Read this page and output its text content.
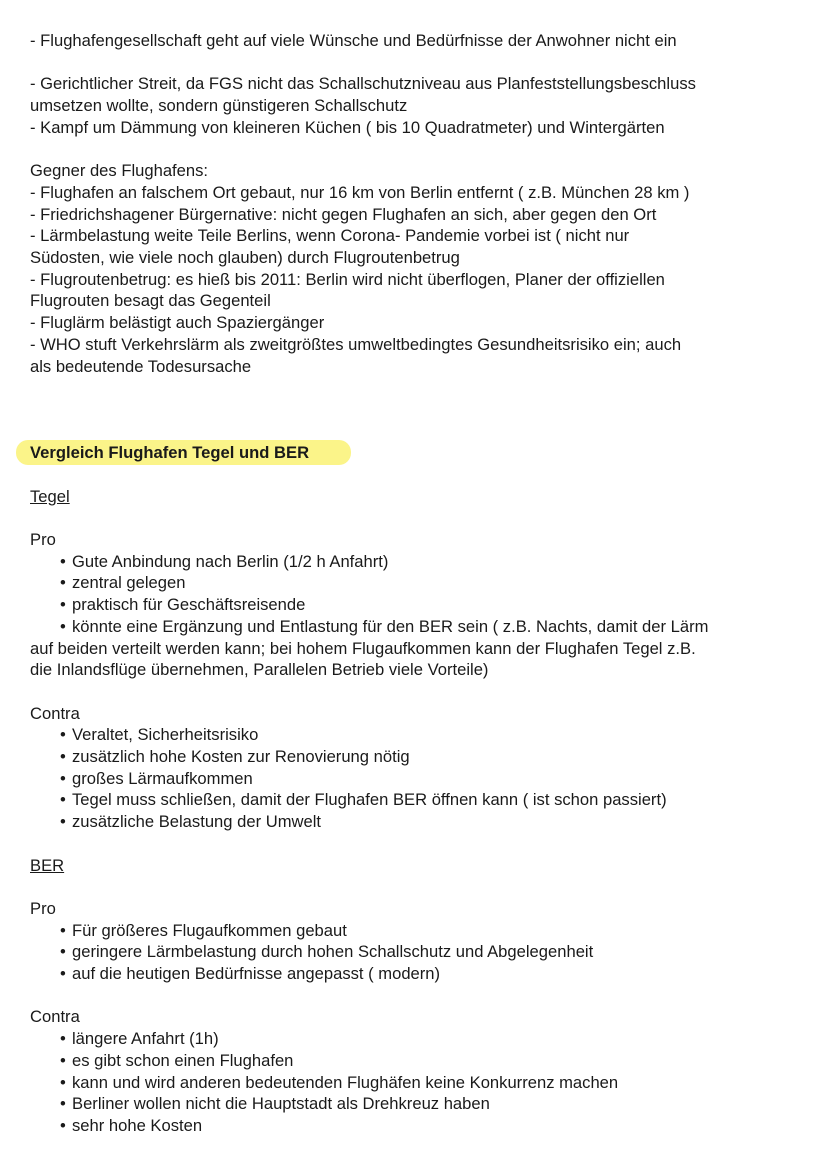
- Flughafengesellschaft geht auf viele Wünsche und Bedürfnisse der Anwohner nicht ein
- Gerichtlicher Streit, da FGS nicht das Schallschutzniveau aus Planfeststellungsbeschluss
umsetzen wollte, sondern günstigeren Schallschutz
- Kampf um Dämmung von kleineren Küchen ( bis 10 Quadratmeter) und Wintergärten
Gegner des Flughafens:
- Flughafen an falschem Ort gebaut, nur 16 km von Berlin entfernt ( z.B. München 28 km )
- Friedrichshagener Bürgernative: nicht gegen Flughafen an sich, aber gegen den Ort
- Lärmbelastung weite Teile Berlins, wenn Corona- Pandemie vorbei ist ( nicht nur
Südosten, wie viele noch glauben) durch Flugroutenbetrug
- Flugroutenbetrug: es hieß bis 2011: Berlin wird nicht überflogen, Planer der offiziellen
Flugrouten besagt das Gegenteil
- Fluglärm belästigt auch Spaziergänger
- WHO stuft Verkehrslärm als zweitgrößtes umweltbedingtes Gesundheitsrisiko ein; auch
als bedeutende Todesursache
Vergleich Flughafen Tegel und BER
Tegel
Pro
• Gute Anbindung nach Berlin (1/2 h Anfahrt)
• zentral gelegen
• praktisch für Geschäftsreisende
• könnte eine Ergänzung und Entlastung für den BER sein ( z.B. Nachts, damit der Lärm
auf beiden verteilt werden kann; bei hohem Flugaufkommen kann der Flughafen Tegel z.B.
die Inlandsflüge übernehmen, Parallelen Betrieb viele Vorteile)
Contra
• Veraltet, Sicherheitsrisiko
• zusätzlich hohe Kosten zur Renovierung nötig
• großes Lärmaufkommen
• Tegel muss schließen, damit der Flughafen BER öffnen kann ( ist schon passiert)
• zusätzliche Belastung der Umwelt
BER
Pro
• Für größeres Flugaufkommen gebaut
• geringere Lärmbelastung durch hohen Schallschutz und Abgelegenheit
• auf die heutigen Bedürfnisse angepasst ( modern)
Contra
• längere Anfahrt (1h)
• es gibt schon einen Flughafen
• kann und wird anderen bedeutenden Flughäfen keine Konkurrenz machen
• Berliner wollen nicht die Hauptstadt als Drehkreuz haben
• sehr hohe Kosten
